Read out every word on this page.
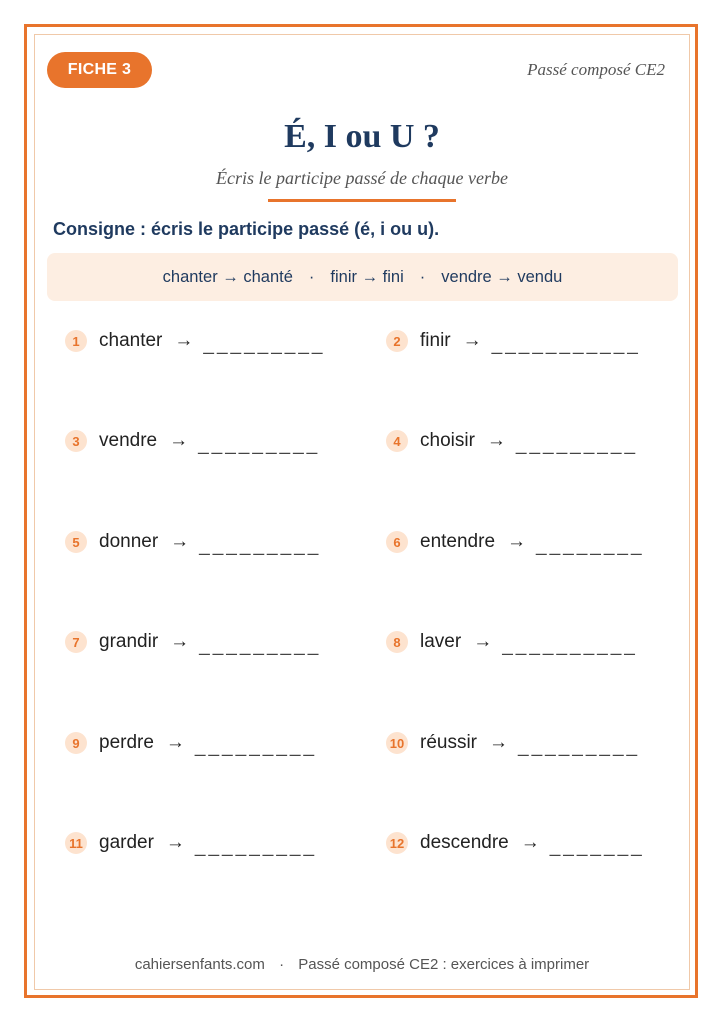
FICHE 3	Passé composé CE2
É, I ou U ?
Écris le participe passé de chaque verbe
Consigne : écris le participe passé (é, i ou u).
chanter → chanté · finir → fini · vendre → vendu
1	chanter → _________	2	finir → ___________
3	vendre → _________	4	choisir → _________
5	donner → _________	6	entendre → ________
7	grandir → _________	8	laver → __________
9	perdre → _________	10 réussir → _________
11 garder → _________	12 descendre → _______
cahiersenfants.com · Passé composé CE2 : exercices à imprimer
